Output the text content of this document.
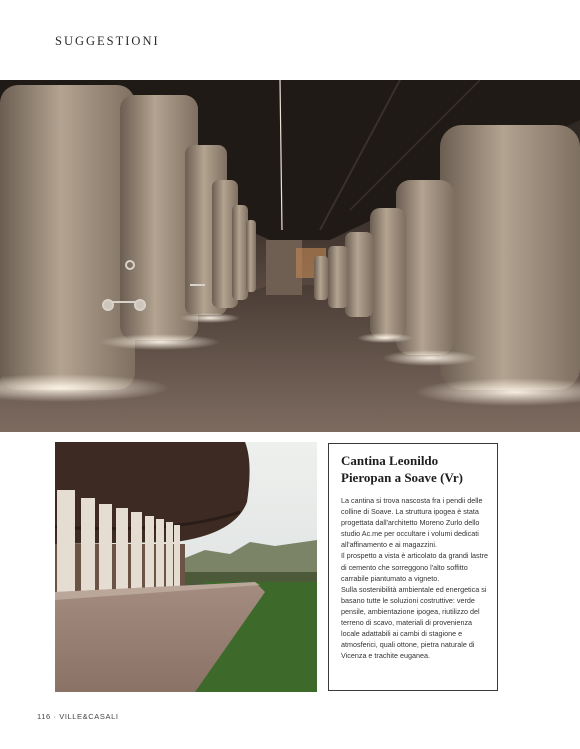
SUGGESTIONI
Cantina Leonildo Pieropan a Soave (Vr)

La cantina si trova nascosta fra i pendii delle colline di Soave. La struttura ipogea è stata progettata dall'architetto Moreno Zurlo dello studio Ac.me per occultare i volumi dedicati all'affinamento e ai magazzini.

Il prospetto a vista è articolato da grandi lastre di cemento che sorreggono l'alto soffitto carrabile piantumato a vigneto.

Sulla sostenibilità ambientale ed energetica si basano tutte le soluzioni costruttive: verde pensile, ambientazione ipogea, riutilizzo del terreno di scavo, materiali di provenienza locale adattabili ai cambi di stagione e atmosferici, quali ottone, pietra naturale di Vicenza e trachite euganea.

116 · VILLE&CASALI
